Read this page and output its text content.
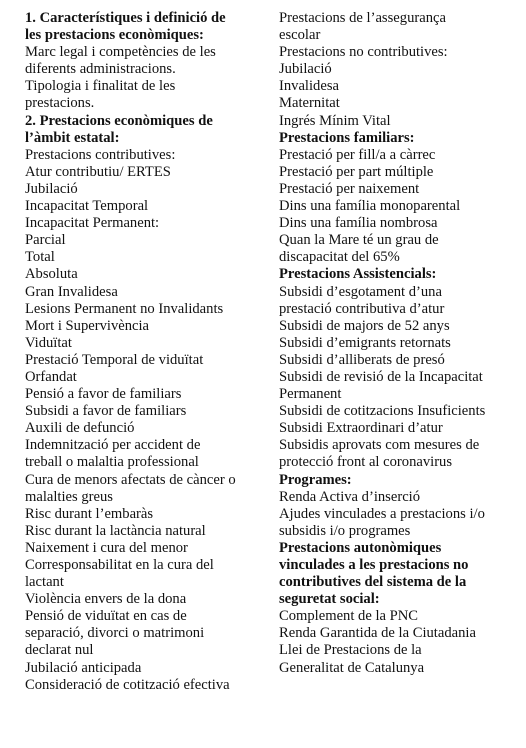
1. Característiques i definició de
les prestacions econòmiques:
Marc legal i competències de les
diferents administracions.
Tipologia i finalitat de les
prestacions.
2. Prestacions econòmiques de
l’àmbit estatal:
Prestacions contributives:
Atur contributiu/ ERTES
Jubilació
Incapacitat Temporal
Incapacitat Permanent:
Parcial
Total
Absoluta
Gran Invalidesa
Lesions Permanent no Invalidants
Mort i Supervivència
Viduïtat
Prestació Temporal de viduïtat
Orfandat
Pensió a favor de familiars
Subsidi a favor de familiars
Auxili de defunció
Indemnització per accident de
treball o malaltia professional
Cura de menors afectats de càncer o
malalties greus
Risc durant l’embaràs
Risc durant la lactància natural
Naixement i cura del menor
Corresponsabilitat en la cura del
lactant
Violència envers de la dona
Pensió de viduïtat en cas de
separació, divorci o matrimoni
declarat nul
Jubilació anticipada
Consideració de cotització efectiva
Prestacions de l’assegurança
escolar
Prestacions no contributives:
Jubilació
Invalidesa
Maternitat
Ingrés Mínim Vital
Prestacions familiars:
Prestació per fill/a a càrrec
Prestació per part múltiple
Prestació per naixement
Dins una família monoparental
Dins una família nombrosa
Quan la Mare té un grau de
discapacitat del 65%
Prestacions Assistencials:
Subsidi d’esgotament d’una
prestació contributiva d’atur
Subsidi de majors de 52 anys
Subsidi d’emigrants retornats
Subsidi d’alliberats de presó
Subsidi de revisió de la Incapacitat
Permanent
Subsidi de cotitzacions Insuficients
Subsidi Extraordinari d’atur
Subsidis aprovats com mesures de
protecció front al coronavirus
Programes:
Renda Activa d’inserció
Ajudes vinculades a prestacions i/o
subsidis i/o programes
Prestacions autonòmiques
vinculades a les prestacions no
contributives del sistema de la
seguretat social:
Complement de la PNC
Renda Garantida de la Ciutadania
Llei de Prestacions de la
Generalitat de Catalunya
